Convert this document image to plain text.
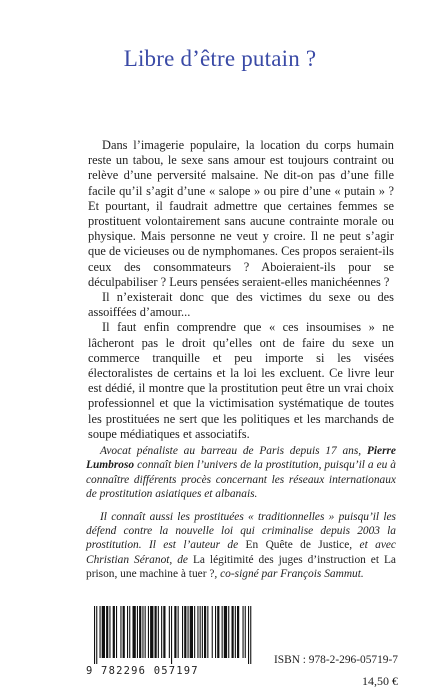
Libre d’être putain ?

Dans l’imagerie populaire, la location du corps humain reste un tabou, le sexe sans amour est toujours contraint ou relève d’une perversité malsaine. Ne dit-on pas d’une fille facile qu’il s’agit d’une « salope » ou pire d’une « putain » ? Et pourtant, il faudrait admettre que certaines femmes se prostituent volontairement sans aucune contrainte morale ou physique. Mais personne ne veut y croire. Il ne peut s’agir que de vicieuses ou de nymphomanes. Ces propos seraient-ils ceux des consommateurs ? Aboieraient-ils pour se déculpabiliser ? Leurs pensées seraient-elles manichéennes ?

Il n’existerait donc que des victimes du sexe ou des assoiffées d’amour...

Il faut enfin comprendre que « ces insoumises » ne lâcheront pas le droit qu’elles ont de faire du sexe un commerce tranquille et peu importe si les visées électoralistes de certains et la loi les excluent. Ce livre leur est dédié, il montre que la prostitution peut être un vrai choix professionnel et que la victimisation systématique de toutes les prostituées ne sert que les politiques et les marchands de soupe médiatiques et associatifs.

Avocat pénaliste au barreau de Paris depuis 17 ans, Pierre Lumbroso connaît bien l’univers de la prostitution, puisqu’il a eu à connaître différents procès concernant les réseaux internationaux de prostitution asiatiques et albanais.

Il connaît aussi les prostituées « traditionnelles » puisqu’il les défend contre la nouvelle loi qui criminalise depuis 2003 la prostitution. Il est l’auteur de En Quête de Justice, et avec Christian Séranot, de La légitimité des juges d’instruction et La prison, une machine à tuer ?, co-signé par François Sammut.

9 782296 057197
ISBN : 978-2-296-05719-7
14,50 €
